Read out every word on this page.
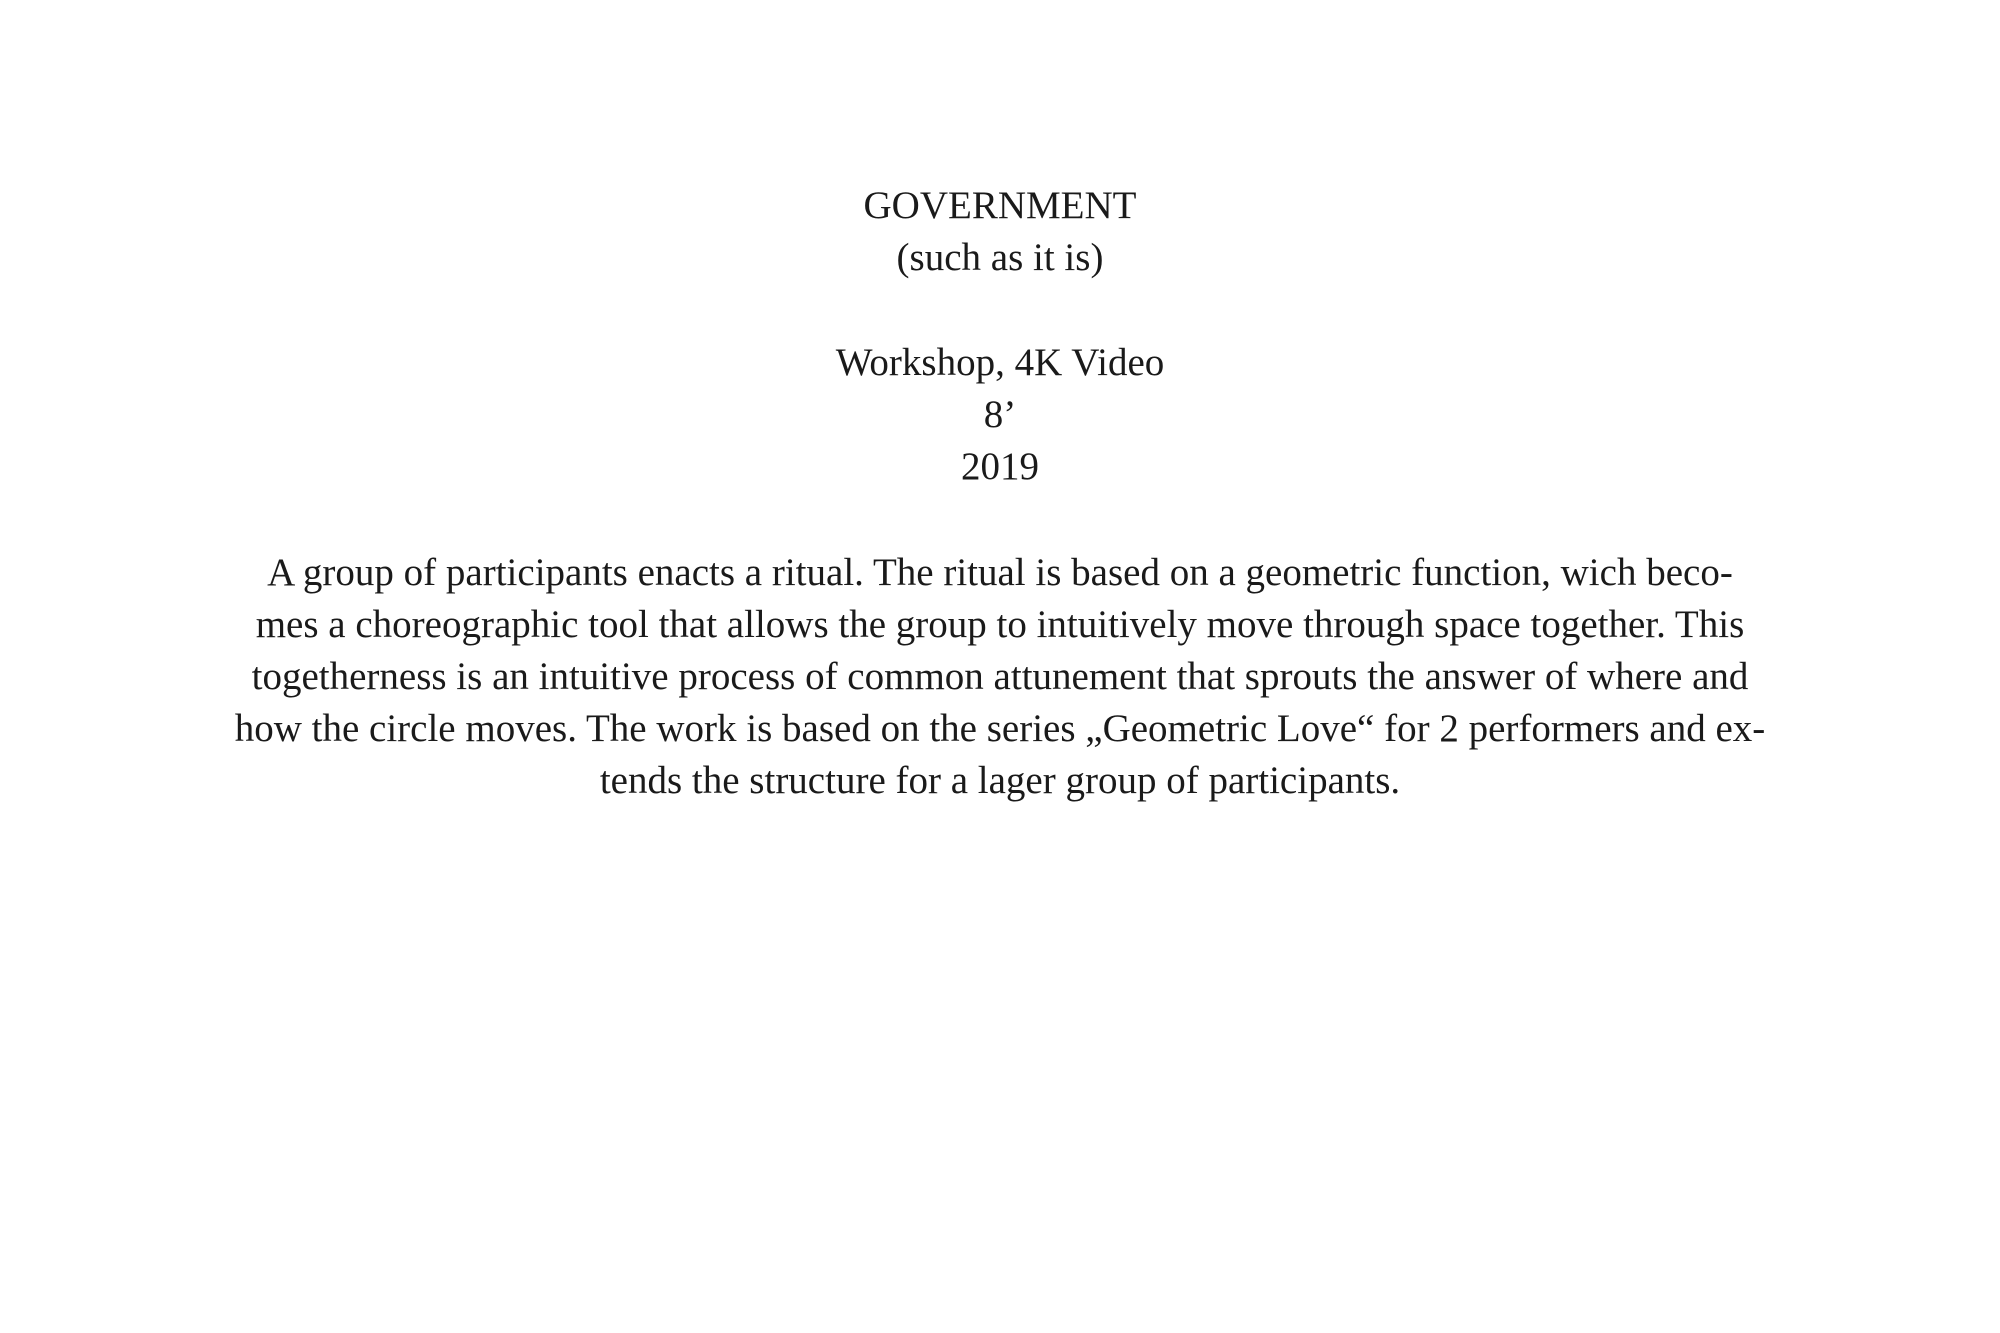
GOVERNMENT
(such as it is)
Workshop, 4K Video
8’
2019
A group of participants enacts a ritual. The ritual is based on a geometric function, wich beco-
mes a choreographic tool that allows the group to intuitively move through space together. This
togetherness is an intuitive process of common attunement that sprouts the answer of where and
how the circle moves. The work is based on the series „Geometric Love“ for 2 performers and ex-
tends the structure for a lager group of participants.
